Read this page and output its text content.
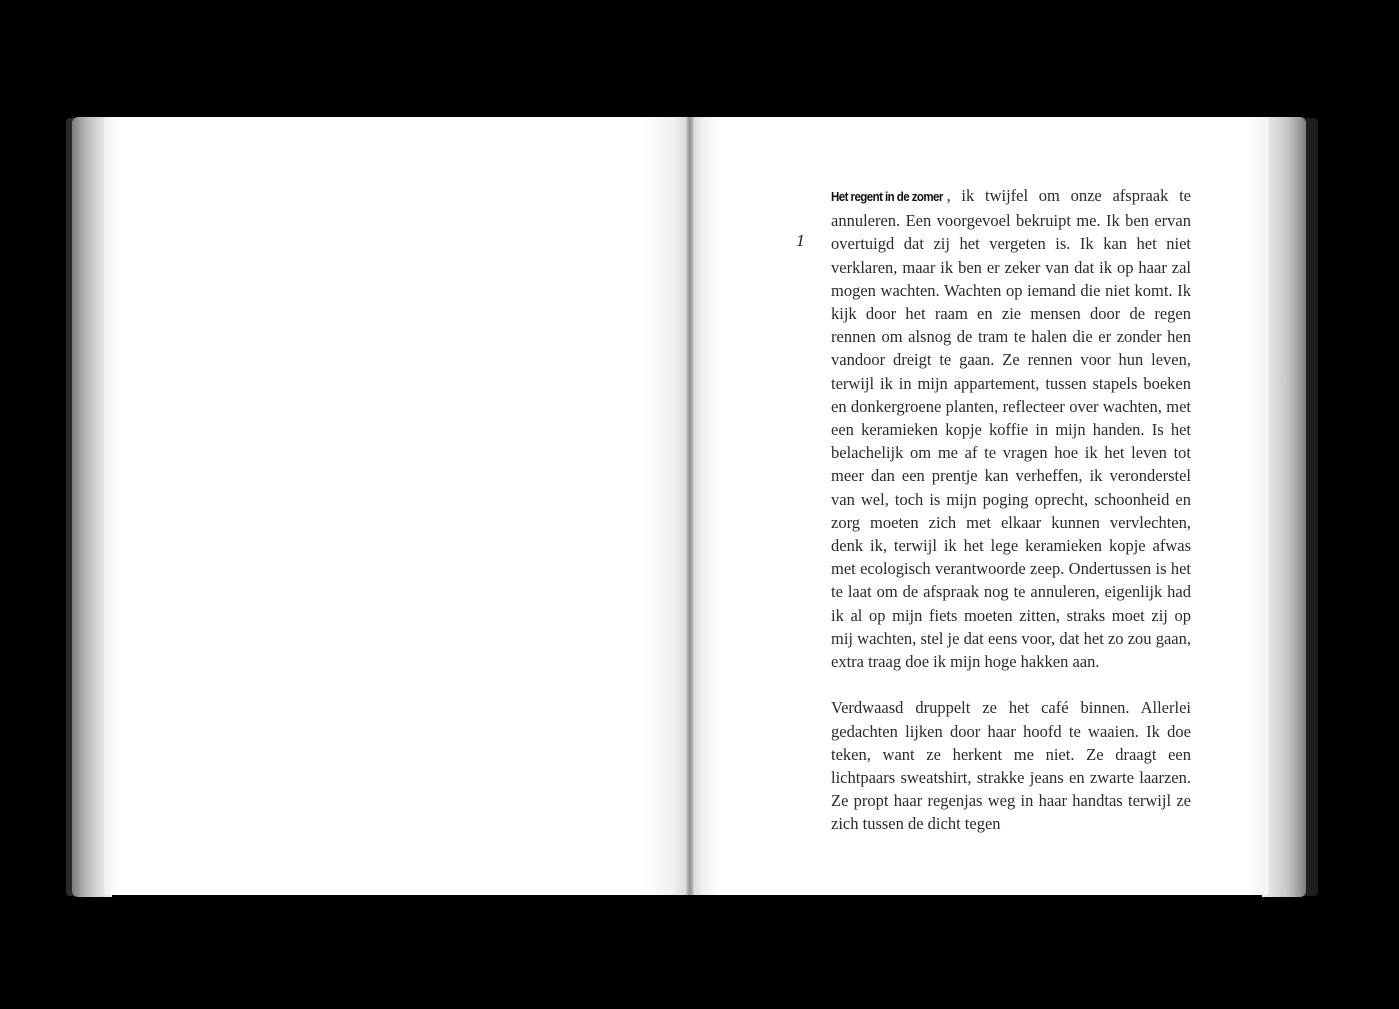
1

Het regent in de zomer , ik twijfel om onze afspraak te annuleren. Een voorgevoel bekruipt me. Ik ben ervan overtuigd dat zij het vergeten is. Ik kan het niet verklaren, maar ik ben er zeker van dat ik op haar zal mogen wachten. Wachten op iemand die niet komt. Ik kijk door het raam en zie mensen door de regen rennen om alsnog de tram te halen die er zonder hen vandoor dreigt te gaan. Ze rennen voor hun leven, terwijl ik in mijn appartement, tussen stapels boeken en donkergroene planten, reflecteer over wachten, met een keramieken kopje koffie in mijn handen. Is het belachelijk om me af te vragen hoe ik het leven tot meer dan een prentje kan verheffen, ik veronderstel van wel, toch is mijn poging oprecht, schoonheid en zorg moeten zich met elkaar kunnen vervlechten, denk ik, terwijl ik het lege keramieken kopje afwas met ecologisch verantwoorde zeep. Ondertussen is het te laat om de afspraak nog te annuleren, eigenlijk had ik al op mijn fiets moeten zitten, straks moet zij op mij wachten, stel je dat eens voor, dat het zo zou gaan, extra traag doe ik mijn hoge hakken aan.

Verdwaasd druppelt ze het café binnen. Allerlei gedachten lijken door haar hoofd te waaien. Ik doe teken, want ze herkent me niet. Ze draagt een lichtpaars sweatshirt, strakke jeans en zwarte laarzen. Ze propt haar regenjas weg in haar handtas terwijl ze zich tussen de dicht tegen
